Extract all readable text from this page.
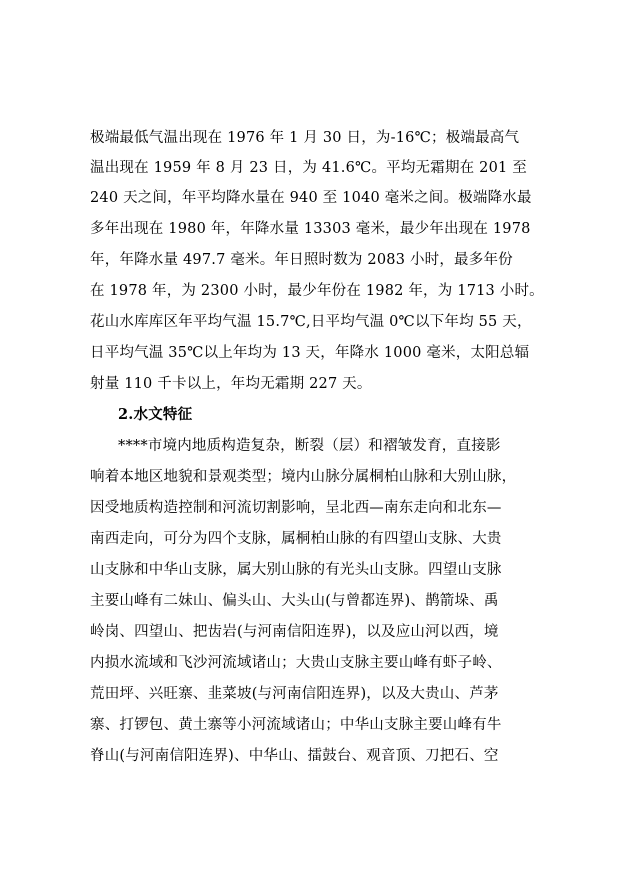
极端最低气温出现在 1976 年 1 月 30 日，为-16℃；极端最高气
温出现在 1959 年 8 月 23 日，为 41.6℃。平均无霜期在 201 至
240 天之间，年平均降水量在 940 至 1040 毫米之间。极端降水最
多年出现在 1980 年，年降水量 13303 毫米，最少年出现在 1978
年，年降水量 497.7 毫米。年日照时数为 2083 小时，最多年份
在 1978 年，为 2300 小时，最少年份在 1982 年，为 1713 小时。
花山水库库区年平均气温 15.7℃,日平均气温 0℃以下年均 55 天，
日平均气温 35℃以上年均为 13 天，年降水 1000 毫米，太阳总辐
射量 110 千卡以上，年均无霜期 227 天。
2.水文特征
****市境内地质构造复杂，断裂（层）和褶皱发育，直接影
响着本地区地貌和景观类型；境内山脉分属桐柏山脉和大别山脉，
因受地质构造控制和河流切割影响，呈北西—南东走向和北东—
南西走向，可分为四个支脉，属桐柏山脉的有四望山支脉、大贵
山支脉和中华山支脉，属大别山脉的有光头山支脉。四望山支脉
主要山峰有二妹山、偏头山、大头山(与曾都连界)、鹊箭垛、禹
岭岗、四望山、把齿岩(与河南信阳连界)，以及应山河以西，境
内损水流域和飞沙河流域诸山；大贵山支脉主要山峰有虾子岭、
荒田坪、兴旺寨、韭菜坡(与河南信阳连界)，以及大贵山、芦茅
寨、打锣包、黄土寨等小河流域诸山；中华山支脉主要山峰有牛
脊山(与河南信阳连界)、中华山、擂鼓台、观音顶、刀把石、空
